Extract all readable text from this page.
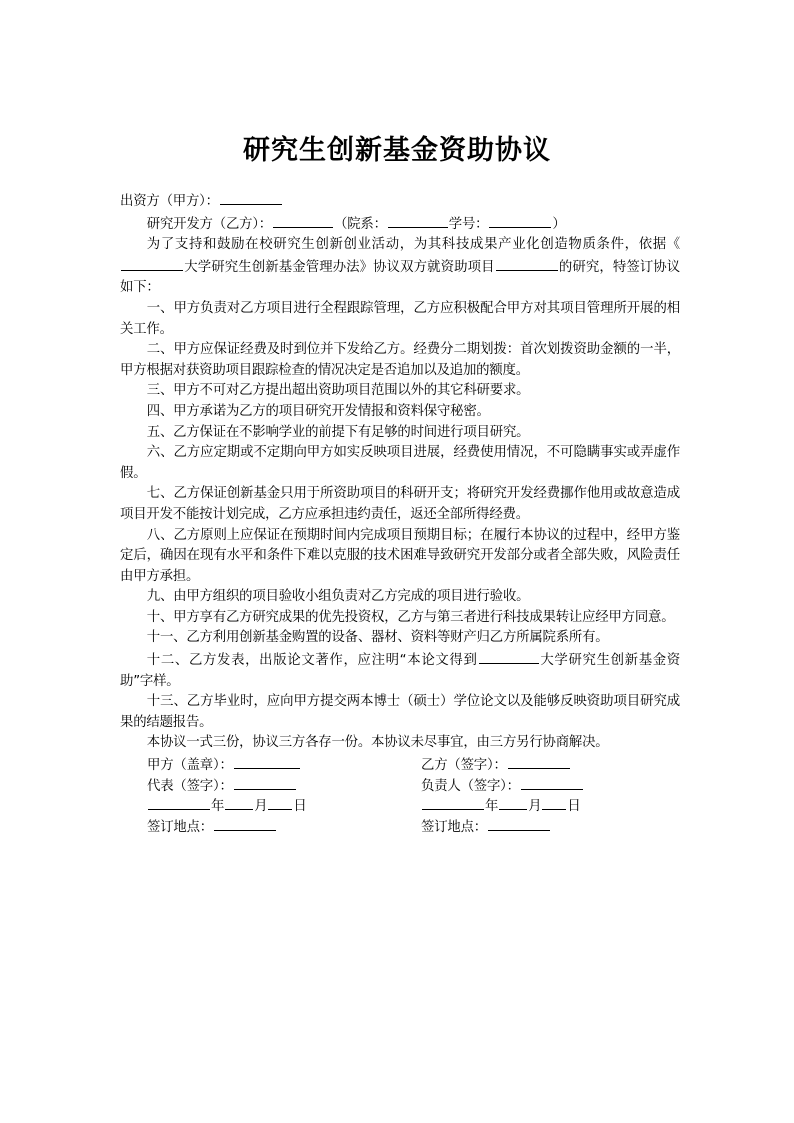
研究生创新基金资助协议

出资方（甲方）：

研究开发方（乙方）：	（院系：	学号：	）

为了支持和鼓励在校研究生创新创业活动，为其科技成果产业化创造物质条件，依据《大学研究生创新基金管理办法》协议双方就资助项目	的研究，特签订协议如下：

一、甲方负责对乙方项目进行全程跟踪管理，乙方应积极配合甲方对其项目管理所开展的相关工作。

二、甲方应保证经费及时到位并下发给乙方。经费分二期划拨：首次划拨资助金额的一半，甲方根据对获资助项目跟踪检查的情况决定是否追加以及追加的额度。

三、甲方不可对乙方提出超出资助项目范围以外的其它科研要求。

四、甲方承诺为乙方的项目研究开发情报和资料保守秘密。

五、乙方保证在不影响学业的前提下有足够的时间进行项目研究。

六、乙方应定期或不定期向甲方如实反映项目进展，经费使用情况，不可隐瞒事实或弄虚作假。

七、乙方保证创新基金只用于所资助项目的科研开支；将研究开发经费挪作他用或故意造成项目开发不能按计划完成，乙方应承担违约责任，返还全部所得经费。

八、乙方原则上应保证在预期时间内完成项目预期目标；在履行本协议的过程中，经甲方鉴定后，确因在现有水平和条件下难以克服的技术困难导致研究开发部分或者全部失败，风险责任由甲方承担。

九、由甲方组织的项目验收小组负责对乙方完成的项目进行验收。

十、甲方享有乙方研究成果的优先投资权，乙方与第三者进行科技成果转让应经甲方同意。

十一、乙方利用创新基金购置的设备、器材、资料等财产归乙方所属院系所有。

十二、乙方发表，出版论文著作，应注明“本论文得到	大学研究生创新基金资助”字样。

十三、乙方毕业时，应向甲方提交两本博士（硕士）学位论文以及能够反映资助项目研究成果的结题报告。

本协议一式三份，协议三方各存一份。本协议未尽事宜，由三方另行协商解决。

甲方（盖章）：	乙方（签字）：
代表（签字）：	负责人（签字）：
年 月 日	年 月 日
签订地点：	签订地点：
